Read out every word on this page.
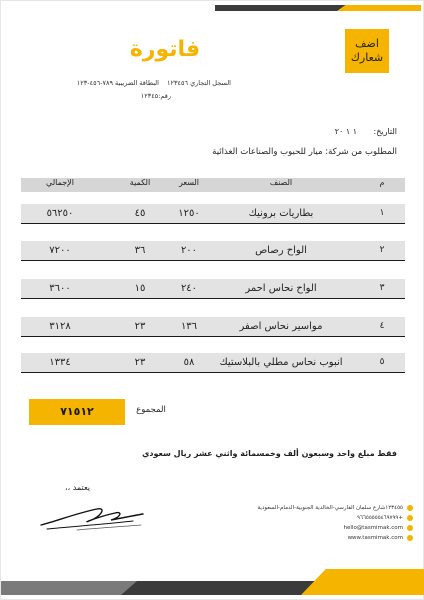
اضف شعارك
فاتورة
السجل التجاري ١٢٣٤٥٦ البطاقة الضريبية ٧٨٩-٤٥٦-١٢٣
رقم:١٢٣٤٥
التاريخ: ١ ١ ٢٠
المطلوب من شركة: ميار للحبوب والصناعات الغذائية
م
الصنف
السعر
الكمية
الإجمالي
١
بطاريات برونيك
١٢٥٠
٤٥
٥٦٢٥٠
٢
الواح رصاص
٢٠٠
٣٦
٧٢٠٠
٣
الواح نحاس احمر
٢٤٠
١٥
٣٦٠٠
٤
مواسير نحاس اصفر
١٣٦
٢٣
٣١٢٨
٥
انبوب نحاس مطلي بالبلاستيك
٥٨
٢٣
١٣٣٤
٧١٥١٢	المجموع
فقط مبلغ واحد وسبعون ألف وخمسمائة واثني عشر ريال سعودي
يعتمد ،،
١٢٣٤٥٥شارع سلمان الفارسي-الخالدية الجنوبية-الدمام-السعودية
+٩٦٦٥٥٥٥٥٤٦٩٧٩٩
hello@tasmimak.com
www.tasmimak.com
